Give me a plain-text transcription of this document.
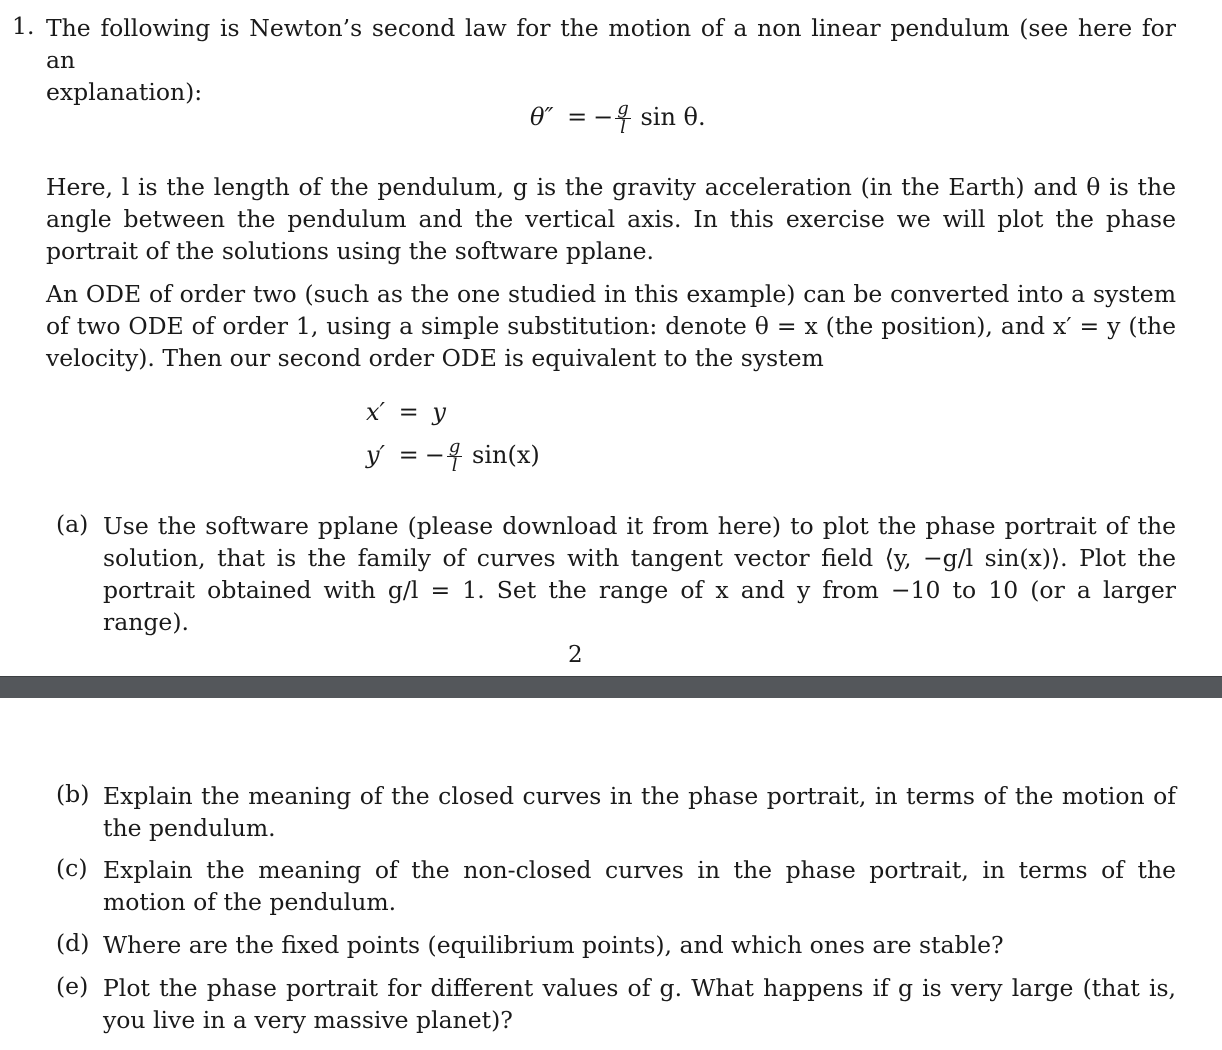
1. The following is Newton’s second law for the motion of a non linear pendulum (see here for an
explanation):
θ″ = − $\frac{g}{l}$ sin θ.
Here, l is the length of the pendulum, g is the gravity acceleration (in the Earth) and θ is the angle between the pendulum and the vertical axis. In this exercise we will plot the phase portrait of the solutions using the software pplane.
An ODE of order two (such as the one studied in this example) can be converted into a system of two ODE of order 1, using a simple substitution: denote θ = x (the position), and x′ = y (the velocity). Then our second order ODE is equivalent to the system
x′ = y
y′ = − $\frac{g}{l} \sin(x)$
(a) Use the software pplane (please download it from here) to plot the phase portrait of the solution, that is the family of curves with tangent vector field ⟨y, −g/l sin(x)⟩. Plot the portrait obtained with g/l = 1. Set the range of x and y from −10 to 10 (or a larger range).
2
(b) Explain the meaning of the closed curves in the phase portrait, in terms of the motion of the pendulum.
(c) Explain the meaning of the non-closed curves in the phase portrait, in terms of the motion of the pendulum.
(d) Where are the fixed points (equilibrium points), and which ones are stable?
(e) Plot the phase portrait for different values of g. What happens if g is very large (that is, you live in a very massive planet)?
